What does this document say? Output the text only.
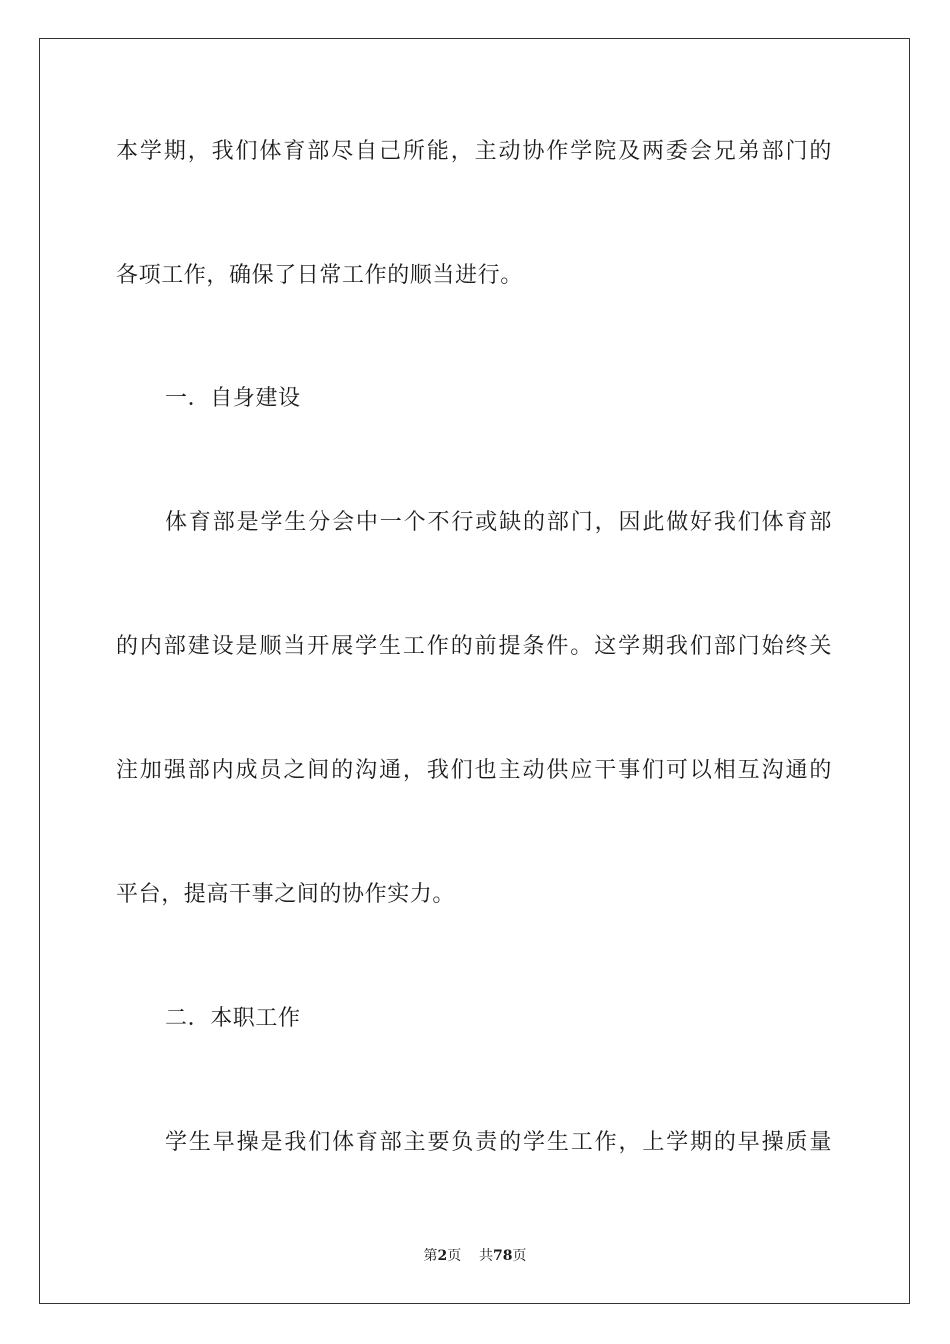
本学期，我们体育部尽自己所能，主动协作学院及两委会兄弟部门的
各项工作，确保了日常工作的顺当进行。
一．自身建设
体育部是学生分会中一个不行或缺的部门，因此做好我们体育部
的内部建设是顺当开展学生工作的前提条件。这学期我们部门始终关
注加强部内成员之间的沟通，我们也主动供应干事们可以相互沟通的
平台，提高干事之间的协作实力。
二．本职工作
学生早操是我们体育部主要负责的学生工作，上学期的早操质量
第2页 共78页
